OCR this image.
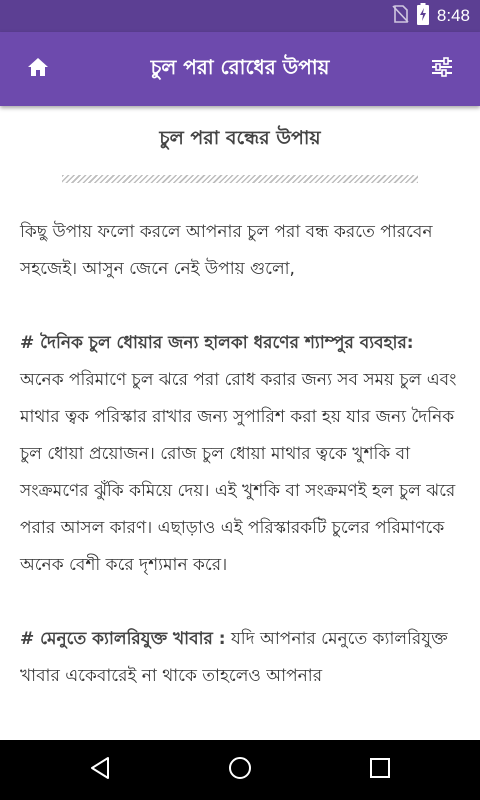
8:48
চুল পরা রোধের উপায়
চুল পরা বন্ধের উপায়

কিছু উপায় ফলো করলে আপনার চুল পরা বন্ধ করতে পারবেন সহজেই। আসুন জেনে নেই উপায় গুলো,

# দৈনিক চুল ধোয়ার জন্য হালকা ধরণের শ্যাম্পুর ব্যবহার:
অনেক পরিমাণে চুল ঝরে পরা রোধ করার জন্য সব সময় চুল এবং মাথার ত্বক পরিস্কার রাখার জন্য সুপারিশ করা হয় যার জন্য দৈনিক চুল ধোয়া প্রয়োজন। রোজ চুল ধোয়া মাথার ত্বকে খুশকি বা সংক্রমণের ঝুঁকি কমিয়ে দেয়। এই খুশকি বা সংক্রমণই হল চুল ঝরে পরার আসল কারণ। এছাড়াও এই পরিস্কারকটি চুলের পরিমাণকে অনেক বেশী করে দৃশ্যমান করে।

# মেনুতে ক্যালরিযুক্ত খাবার : যদি আপনার মেনুতে ক্যালরিযুক্ত খাবার একেবারেই না থাকে তাহলেও আপনার
